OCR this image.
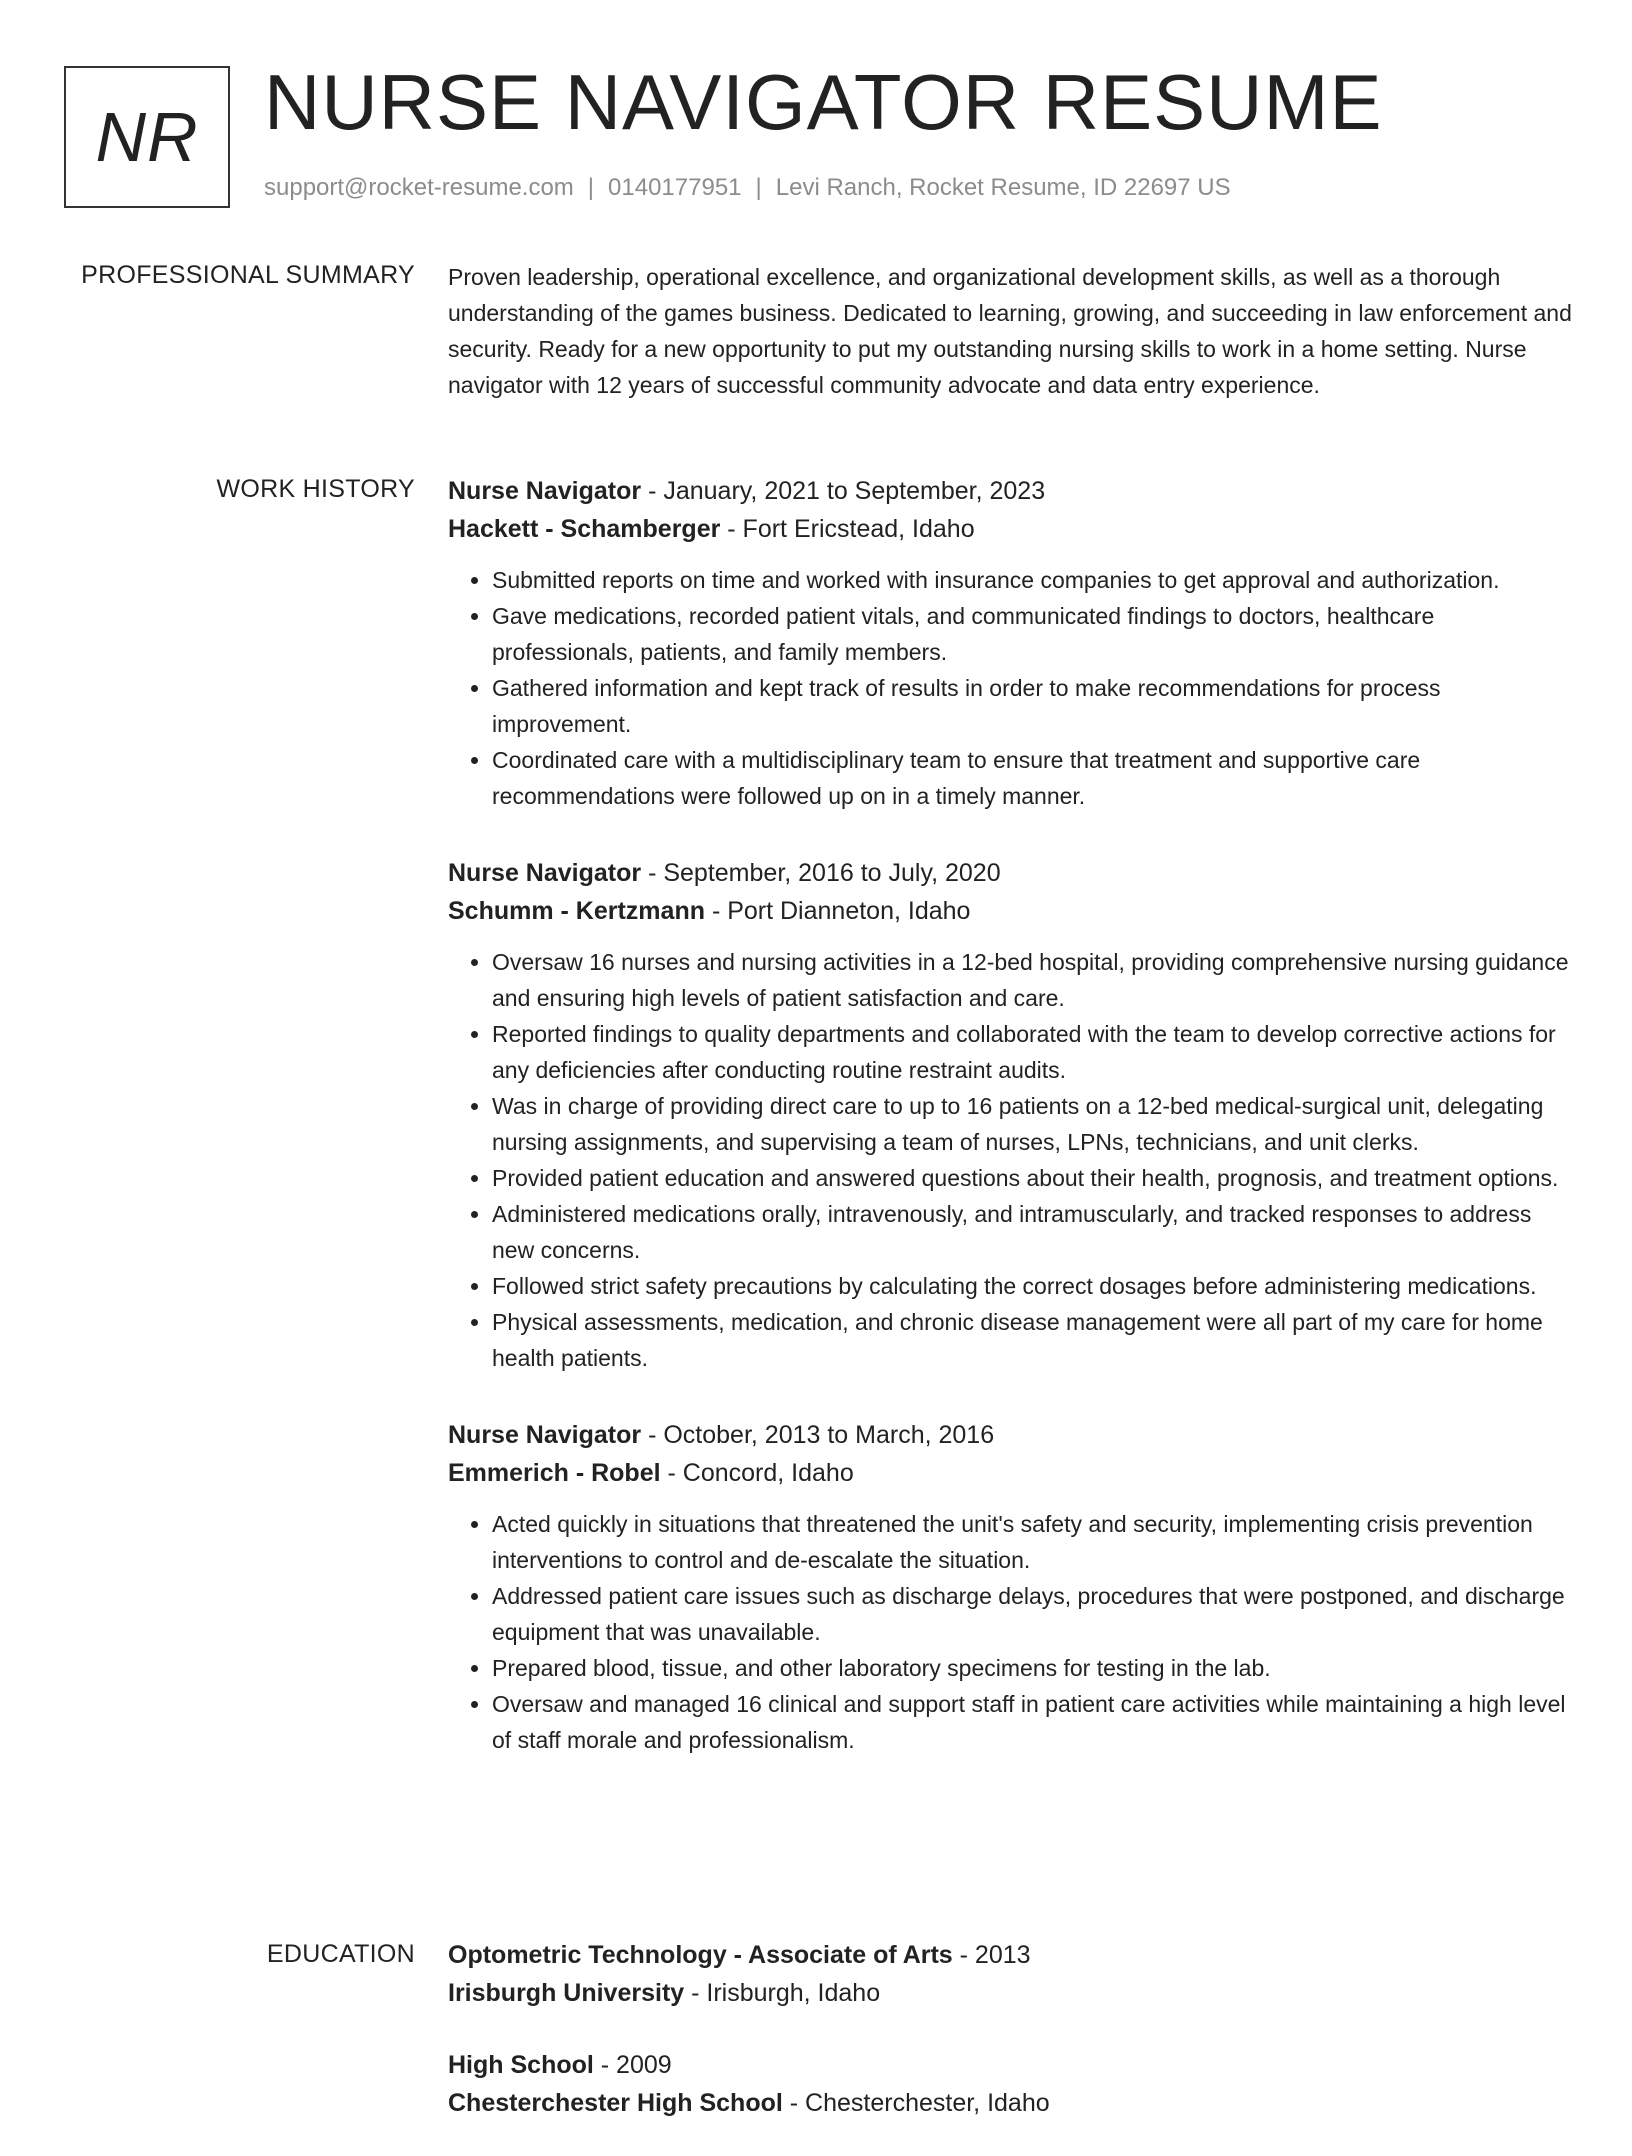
NR NURSE NAVIGATOR RESUME
support@rocket-resume.com | 0140177951 | Levi Ranch, Rocket Resume, ID 22697 US
PROFESSIONAL SUMMARY Proven leadership, operational excellence, and organizational development skills, as well as a thorough understanding of the games business. Dedicated to learning, growing, and succeeding in law enforcement and security. Ready for a new opportunity to put my outstanding nursing skills to work in a home setting. Nurse navigator with 12 years of successful community advocate and data entry experience.

WORK HISTORY Nurse Navigator - January, 2021 to September, 2023
Hackett - Schamberger - Fort Ericstead, Idaho
• Submitted reports on time and worked with insurance companies to get approval and authorization.
• Gave medications, recorded patient vitals, and communicated findings to doctors, healthcare professionals, patients, and family members.
• Gathered information and kept track of results in order to make recommendations for process improvement.
• Coordinated care with a multidisciplinary team to ensure that treatment and supportive care recommendations were followed up on in a timely manner.
Nurse Navigator - September, 2016 to July, 2020
Schumm - Kertzmann - Port Dianneton, Idaho
• Oversaw 16 nurses and nursing activities in a 12-bed hospital, providing comprehensive nursing guidance and ensuring high levels of patient satisfaction and care.
• Reported findings to quality departments and collaborated with the team to develop corrective actions for any deficiencies after conducting routine restraint audits.
• Was in charge of providing direct care to up to 16 patients on a 12-bed medical-surgical unit, delegating nursing assignments, and supervising a team of nurses, LPNs, technicians, and unit clerks.
• Provided patient education and answered questions about their health, prognosis, and treatment options.
• Administered medications orally, intravenously, and intramuscularly, and tracked responses to address new concerns.
• Followed strict safety precautions by calculating the correct dosages before administering medications.
• Physical assessments, medication, and chronic disease management were all part of my care for home health patients.
Nurse Navigator - October, 2013 to March, 2016
Emmerich - Robel - Concord, Idaho
• Acted quickly in situations that threatened the unit's safety and security, implementing crisis prevention interventions to control and de-escalate the situation.
• Addressed patient care issues such as discharge delays, procedures that were postponed, and discharge equipment that was unavailable.
• Prepared blood, tissue, and other laboratory specimens for testing in the lab.
• Oversaw and managed 16 clinical and support staff in patient care activities while maintaining a high level of staff morale and professionalism.
EDUCATION Optometric Technology - Associate of Arts - 2013
Irisburgh University - Irisburgh, Idaho
High School - 2009
Chesterchester High School - Chesterchester, Idaho
